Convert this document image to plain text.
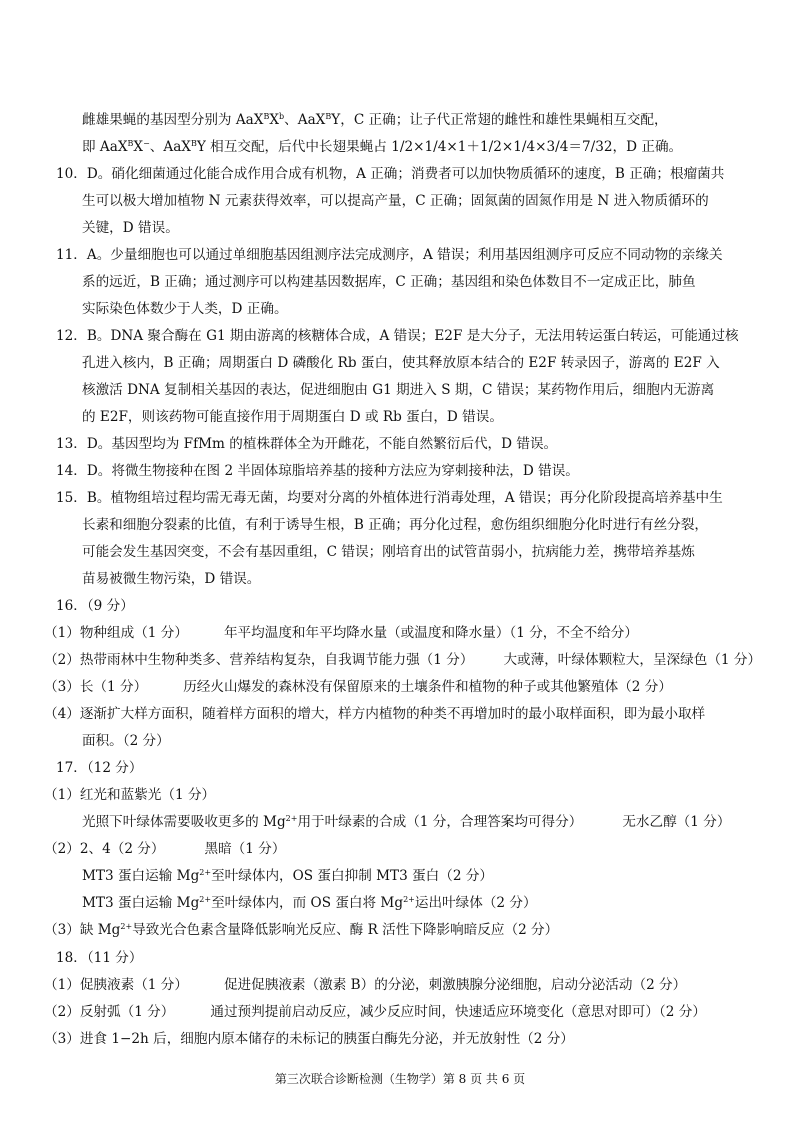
雌雄果蝇的基因型分别为 $AaX^BX^b$、AaX$^B$Y，C 正确；让子代正常翅的雌性和雄性果蝇相互交配，
即 AaX$^B$X−、AaX$^B$Y 相互交配，后代中长翅果蝇占 1/2×1/4×1＋1/2×1/4×3/4＝7/32，D 正确。
10．D。硝化细菌通过化能合成作用合成有机物，A 正确；消费者可以加快物质循环的速度，B 正确；根瘤菌共
生可以极大增加植物 N 元素获得效率，可以提高产量，C 正确；固氮菌的固氮作用是 N 进入物质循环的
关键，D 错误。
11．A。少量细胞也可以通过单细胞基因组测序法完成测序，A 错误；利用基因组测序可反应不同动物的亲缘关
系的远近，B 正确；通过测序可以构建基因数据库，C 正确；基因组和染色体数目不一定成正比，肺鱼
实际染色体数少于人类，D 正确。
12．B。DNA 聚合酶在 G1 期由游离的核糖体合成，A 错误；E2F 是大分子，无法用转运蛋白转运，可能通过核
孔进入核内，B 正确；周期蛋白 D 磷酸化 Rb 蛋白，使其释放原本结合的 E2F 转录因子，游离的 E2F 入
核激活 DNA 复制相关基因的表达，促进细胞由 G1 期进入 S 期，C 错误；某药物作用后，细胞内无游离
的 E2F，则该药物可能直接作用于周期蛋白 D 或 Rb 蛋白，D 错误。
13．D。基因型均为 FfMm 的植株群体全为开雌花，不能自然繁衍后代，D 错误。
14．D。将微生物接种在图 2 半固体琼脂培养基的接种方法应为穿刺接种法，D 错误。
15．B。植物组培过程均需无毒无菌，均要对分离的外植体进行消毒处理，A 错误；再分化阶段提高培养基中生
长素和细胞分裂素的比值，有利于诱导生根，B 正确；再分化过程，愈伤组织细胞分化时进行有丝分裂，
可能会发生基因突变，不会有基因重组，C 错误；刚培育出的试管苗弱小，抗病能力差，携带培养基炼
苗易被微生物污染，D 错误。
16．（9 分）
（1）物种组成（1 分）	年平均温度和年平均降水量（或温度和降水量）（1 分，不全不给分）
（2）热带雨林中生物种类多、营养结构复杂，自我调节能力强（1 分） 大或薄，叶绿体颗粒大，呈深绿色（1 分）
（3）长（1 分）	历经火山爆发的森林没有保留原来的土壤条件和植物的种子或其他繁殖体（2 分）
（4）逐渐扩大样方面积，随着样方面积的增大，样方内植物的种类不再增加时的最小取样面积，即为最小取样
面积。（2 分）
17．（12 分）
（1）红光和蓝紫光（1 分）
光照下叶绿体需要吸收更多的 $Mg^{2+}$用于叶绿素的合成（1 分，合理答案均可得分）	无水乙醇（1 分）
（2）2、4（2 分）	黑暗（1 分）
MT3 蛋白运输 $Mg^{2+}$至叶绿体内，OS 蛋白抑制 MT3 蛋白（2 分）
MT3 蛋白运输 $Mg^{2+}$至叶绿体内，而 OS 蛋白将 $Mg^{2+}$运出叶绿体（2 分）
（3）缺 $Mg^{2+}$导致光合色素含量降低影响光反应、酶 R 活性下降影响暗反应（2 分）
18．（11 分）
（1）促胰液素（1 分）	促进促胰液素（激素 B）的分泌，刺激胰腺分泌细胞，启动分泌活动（2 分）
（2）反射弧（1 分）	通过预判提前启动反应，减少反应时间，快速适应环境变化（意思对即可）（2 分）
（3）进食 1−2h 后，细胞内原本储存的未标记的胰蛋白酶先分泌，并无放射性（2 分）
第三次联合诊断检测（生物学）第 8 页 共 6 页
